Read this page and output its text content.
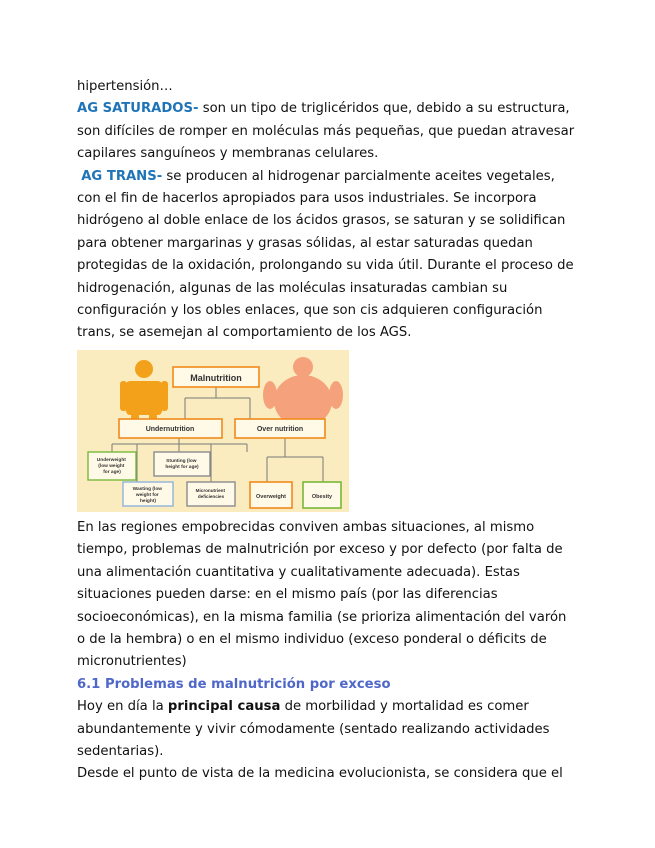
hipertensión…

AG SATURADOS- son un tipo de triglicéridos que, debido a su estructura, son difíciles de romper en moléculas más pequeñas, que puedan atravesar capilares sanguíneos y membranas celulares.

AG TRANS- se producen al hidrogenar parcialmente aceites vegetales, con el fin de hacerlos apropiados para usos industriales. Se incorpora hidrógeno al doble enlace de los ácidos grasos, se saturan y se solidifican para obtener margarinas y grasas sólidas, al estar saturadas quedan protegidas de la oxidación, prolongando su vida útil. Durante el proceso de hidrogenación, algunas de las moléculas insaturadas cambian su configuración y los obles enlaces, que son cis adquieren configuración trans, se asemejan al comportamiento de los AGS.

Malnutrition
Undernutrition	Over nutrition
Underweight (low weight for age)
Stunting (low height for age)
Wasting (low weight for height)
Micronutrient deficiencies	Overweight	Obesity

En las regiones empobrecidas conviven ambas situaciones, al mismo tiempo, problemas de malnutrición por exceso y por defecto (por falta de una alimentación cuantitativa y cualitativamente adecuada). Estas situaciones pueden darse: en el mismo país (por las diferencias socioeconómicas), en la misma familia (se prioriza alimentación del varón o de la hembra) o en el mismo individuo (exceso ponderal o déficits de micronutrientes)

6.1 Problemas de malnutrición por exceso

Hoy en día la principal causa de morbilidad y mortalidad es comer abundantemente y vivir cómodamente (sentado realizando actividades sedentarias).

Desde el punto de vista de la medicina evolucionista, se considera que el
